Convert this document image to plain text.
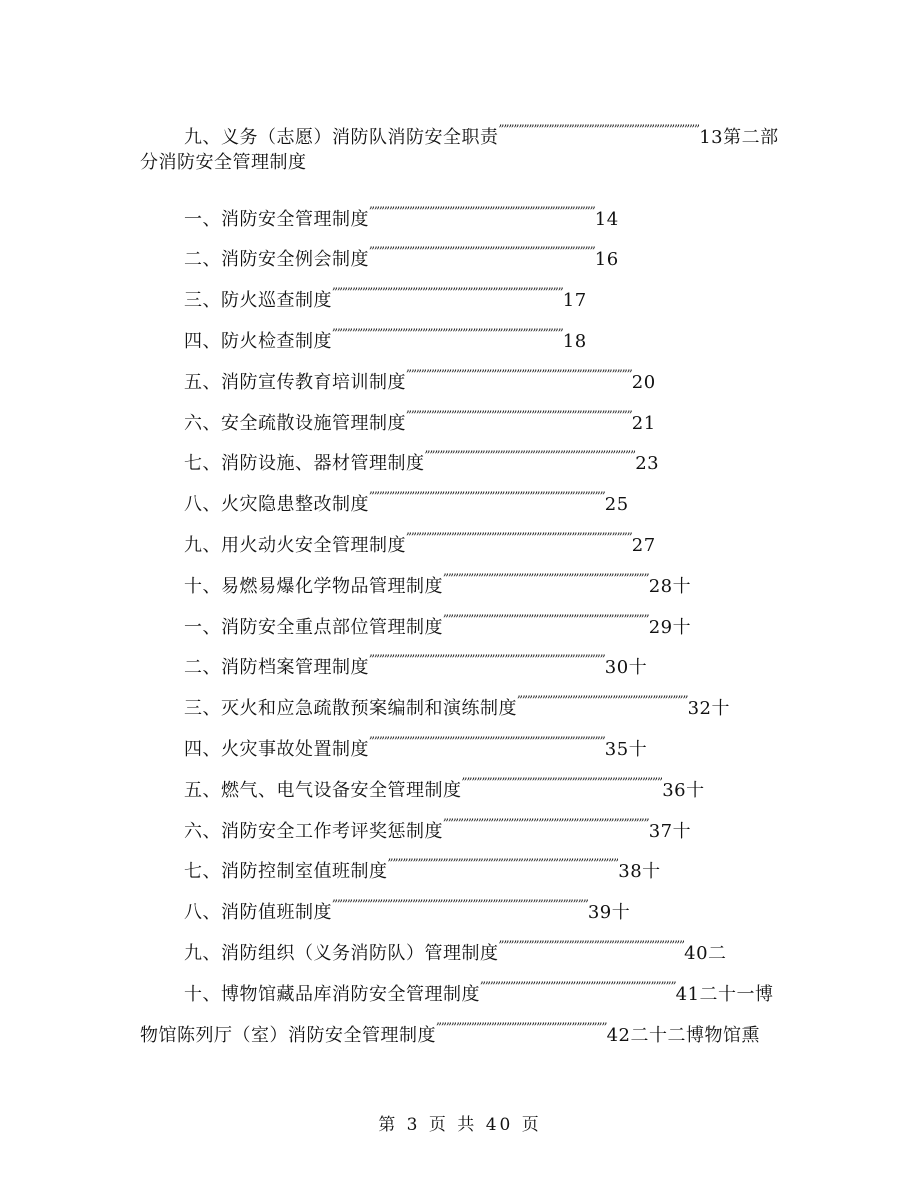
九、义务（志愿）消防队消防安全职责„„„„„„„„„„„„„„„„„„„„„„„„„„„„„„„„„„„„„„„„13第二部
分消防安全管理制度
一、消防安全管理制度„„„„„„„„„„„„„„„„„„„„„„„„„„„„„„„„„„„„„„„„„„„„„14
二、消防安全例会制度„„„„„„„„„„„„„„„„„„„„„„„„„„„„„„„„„„„„„„„„„„„„„16
三、防火巡查制度„„„„„„„„„„„„„„„„„„„„„„„„„„„„„„„„„„„„„„„„„„„„„„17
四、防火检查制度„„„„„„„„„„„„„„„„„„„„„„„„„„„„„„„„„„„„„„„„„„„„„„18
五、消防宣传教育培训制度„„„„„„„„„„„„„„„„„„„„„„„„„„„„„„„„„„„„„„„„„„„„„20
六、安全疏散设施管理制度„„„„„„„„„„„„„„„„„„„„„„„„„„„„„„„„„„„„„„„„„„„„„21
七、消防设施、器材管理制度„„„„„„„„„„„„„„„„„„„„„„„„„„„„„„„„„„„„„„„„„„23
八、火灾隐患整改制度„„„„„„„„„„„„„„„„„„„„„„„„„„„„„„„„„„„„„„„„„„„„„„„25
九、用火动火安全管理制度„„„„„„„„„„„„„„„„„„„„„„„„„„„„„„„„„„„„„„„„„„„„„27
十、易燃易爆化学物品管理制度„„„„„„„„„„„„„„„„„„„„„„„„„„„„„„„„„„„„„„„„„28十
一、消防安全重点部位管理制度„„„„„„„„„„„„„„„„„„„„„„„„„„„„„„„„„„„„„„„„„29十
二、消防档案管理制度„„„„„„„„„„„„„„„„„„„„„„„„„„„„„„„„„„„„„„„„„„„„„„„30十
三、灭火和应急疏散预案编制和演练制度„„„„„„„„„„„„„„„„„„„„„„„„„„„„„„„„„„32十
四、火灾事故处置制度„„„„„„„„„„„„„„„„„„„„„„„„„„„„„„„„„„„„„„„„„„„„„„„35十
五、燃气、电气设备安全管理制度„„„„„„„„„„„„„„„„„„„„„„„„„„„„„„„„„„„„„„„„36十
六、消防安全工作考评奖惩制度„„„„„„„„„„„„„„„„„„„„„„„„„„„„„„„„„„„„„„„„„37十
七、消防控制室值班制度„„„„„„„„„„„„„„„„„„„„„„„„„„„„„„„„„„„„„„„„„„„„„„38十
八、消防值班制度„„„„„„„„„„„„„„„„„„„„„„„„„„„„„„„„„„„„„„„„„„„„„„„„„„„39十
九、消防组织（义务消防队）管理制度„„„„„„„„„„„„„„„„„„„„„„„„„„„„„„„„„„„„„40二
十、博物馆藏品库消防安全管理制度„„„„„„„„„„„„„„„„„„„„„„„„„„„„„„„„„„„„„„„41二十一博
物馆陈列厅（室）消防安全管理制度„„„„„„„„„„„„„„„„„„„„„„„„„„„„„„„„„„42二十二博物馆熏
第 3 页 共 40 页
